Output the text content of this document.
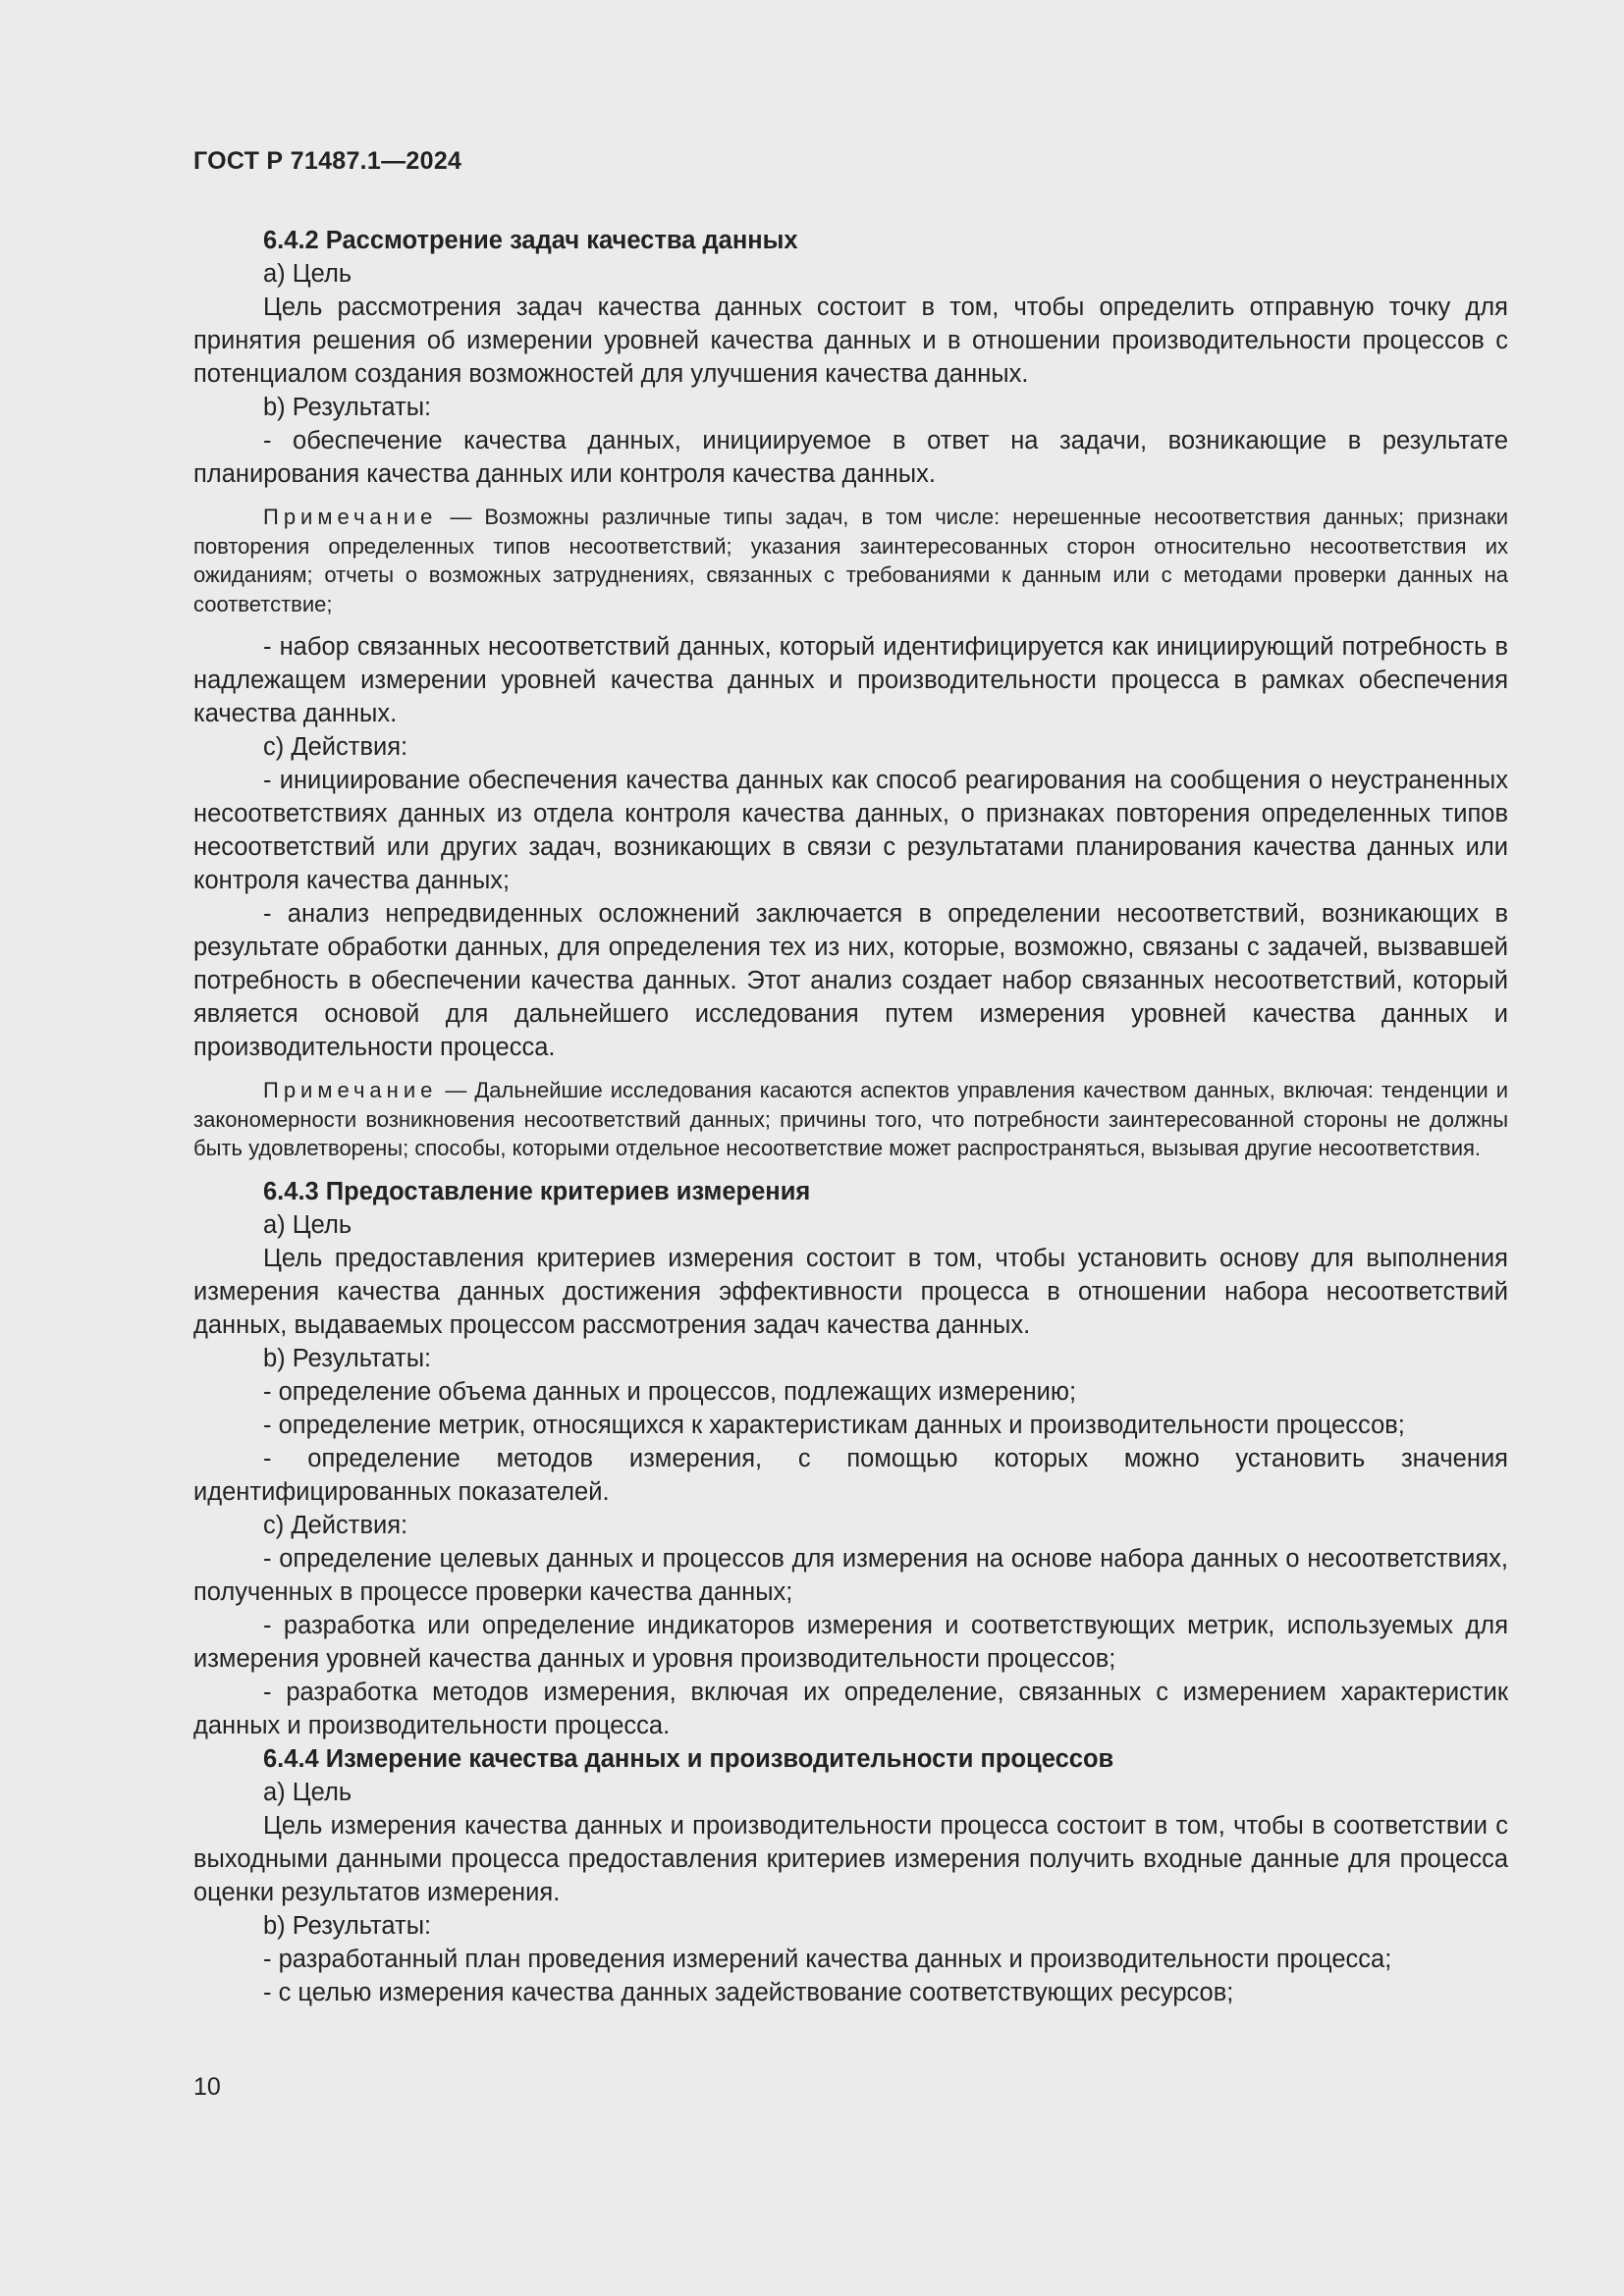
ГОСТ Р 71487.1—2024
6.4.2 Рассмотрение задач качества данных

a) Цель

Цель рассмотрения задач качества данных состоит в том, чтобы определить отправную точку для принятия решения об измерении уровней качества данных и в отношении производительности процессов с потенциалом создания возможностей для улучшения качества данных.

b) Результаты:

- обеспечение качества данных, инициируемое в ответ на задачи, возникающие в результате планирования качества данных или контроля качества данных.

Примечание — Возможны различные типы задач, в том числе: нерешенные несоответствия данных; признаки повторения определенных типов несоответствий; указания заинтересованных сторон относительно несоответствия их ожиданиям; отчеты о возможных затруднениях, связанных с требованиями к данным или с методами проверки данных на соответствие;

- набор связанных несоответствий данных, который идентифицируется как инициирующий потребность в надлежащем измерении уровней качества данных и производительности процесса в рамках обеспечения качества данных.

c) Действия:

- инициирование обеспечения качества данных как способ реагирования на сообщения о неустраненных несоответствиях данных из отдела контроля качества данных, о признаках повторения определенных типов несоответствий или других задач, возникающих в связи с результатами планирования качества данных или контроля качества данных;

- анализ непредвиденных осложнений заключается в определении несоответствий, возникающих в результате обработки данных, для определения тех из них, которые, возможно, связаны с задачей, вызвавшей потребность в обеспечении качества данных. Этот анализ создает набор связанных несоответствий, который является основой для дальнейшего исследования путем измерения уровней качества данных и производительности процесса.

Примечание — Дальнейшие исследования касаются аспектов управления качеством данных, включая: тенденции и закономерности возникновения несоответствий данных; причины того, что потребности заинтересованной стороны не должны быть удовлетворены; способы, которыми отдельное несоответствие может распространяться, вызывая другие несоответствия.

6.4.3 Предоставление критериев измерения

a) Цель

Цель предоставления критериев измерения состоит в том, чтобы установить основу для выполнения измерения качества данных достижения эффективности процесса в отношении набора несоответствий данных, выдаваемых процессом рассмотрения задач качества данных.

b) Результаты:

- определение объема данных и процессов, подлежащих измерению;

- определение метрик, относящихся к характеристикам данных и производительности процессов;

- определение методов измерения, с помощью которых можно установить значения идентифицированных показателей.

c) Действия:

- определение целевых данных и процессов для измерения на основе набора данных о несоответствиях, полученных в процессе проверки качества данных;

- разработка или определение индикаторов измерения и соответствующих метрик, используемых для измерения уровней качества данных и уровня производительности процессов;

- разработка методов измерения, включая их определение, связанных с измерением характеристик данных и производительности процесса.

6.4.4 Измерение качества данных и производительности процессов

a) Цель

Цель измерения качества данных и производительности процесса состоит в том, чтобы в соответствии с выходными данными процесса предоставления критериев измерения получить входные данные для процесса оценки результатов измерения.

b) Результаты:

- разработанный план проведения измерений качества данных и производительности процесса;

- с целью измерения качества данных задействование соответствующих ресурсов;

10
